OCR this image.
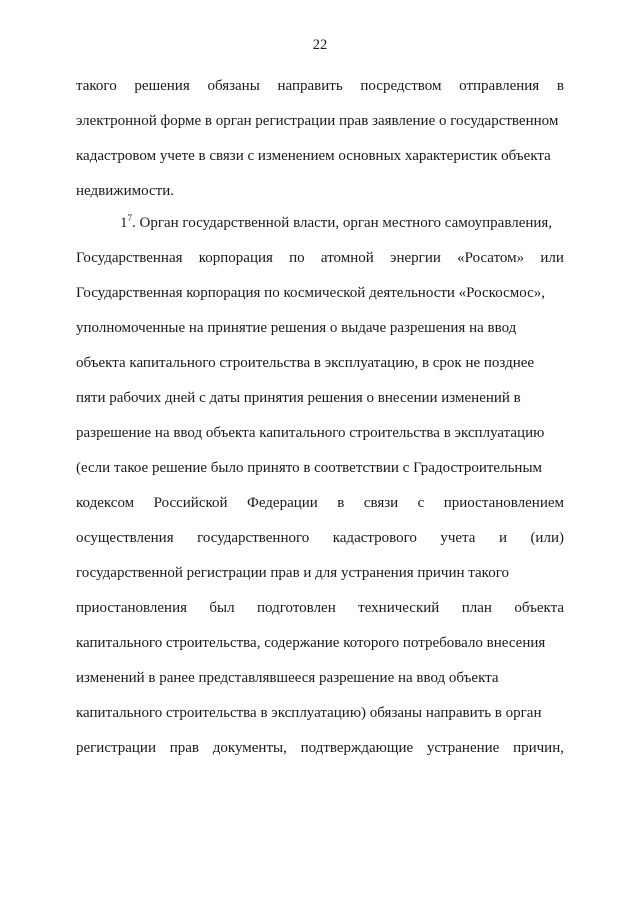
22
такого решения обязаны направить посредством отправления в
электронной форме в орган регистрации прав заявление о государственном
кадастровом учете в связи с изменением основных характеристик объекта
недвижимости.
$1^7$. Орган государственной власти, орган местного самоуправления,
Государственная корпорация по атомной энергии «Росатом» или
Государственная корпорация по космической деятельности «Роскосмос»,
уполномоченные на принятие решения о выдаче разрешения на ввод
объекта капитального строительства в эксплуатацию, в срок не позднее
пяти рабочих дней с даты принятия решения о внесении изменений в
разрешение на ввод объекта капитального строительства в эксплуатацию
(если такое решение было принято в соответствии с Градостроительным
кодексом Российской Федерации в связи с приостановлением
осуществления государственного кадастрового учета и (или)
государственной регистрации прав и для устранения причин такого
приостановления был подготовлен технический план объекта
капитального строительства, содержание которого потребовало внесения
изменений в ранее представлявшееся разрешение на ввод объекта
капитального строительства в эксплуатацию) обязаны направить в орган
регистрации прав документы, подтверждающие устранение причин,
